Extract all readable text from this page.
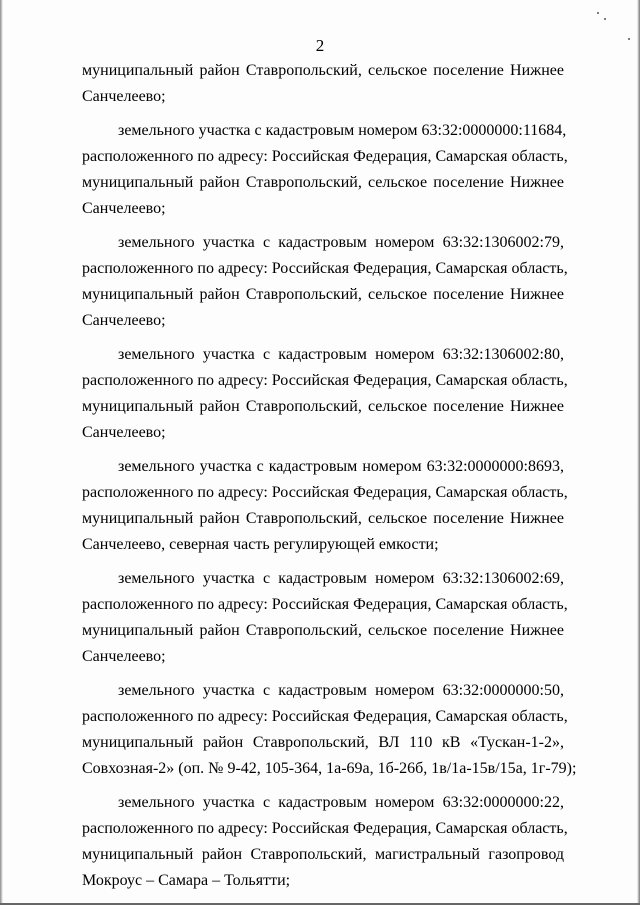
2
муниципальный район Ставропольский, сельское поселение Нижнее
Санчелеево;
земельного участка с кадастровым номером 63:32:0000000:11684,
расположенного по адресу: Российская Федерация, Самарская область,
муниципальный район Ставропольский, сельское поселение Нижнее
Санчелеево;
земельного участка с кадастровым номером 63:32:1306002:79,
расположенного по адресу: Российская Федерация, Самарская область,
муниципальный район Ставропольский, сельское поселение Нижнее
Санчелеево;
земельного участка с кадастровым номером 63:32:1306002:80,
расположенного по адресу: Российская Федерация, Самарская область,
муниципальный район Ставропольский, сельское поселение Нижнее
Санчелеево;
земельного участка с кадастровым номером 63:32:0000000:8693,
расположенного по адресу: Российская Федерация, Самарская область,
муниципальный район Ставропольский, сельское поселение Нижнее
Санчелеево, северная часть регулирующей емкости;
земельного участка с кадастровым номером 63:32:1306002:69,
расположенного по адресу: Российская Федерация, Самарская область,
муниципальный район Ставропольский, сельское поселение Нижнее
Санчелеево;
земельного участка с кадастровым номером 63:32:0000000:50,
расположенного по адресу: Российская Федерация, Самарская область,
муниципальный район Ставропольский, ВЛ 110 кВ «Тускан-1-2»,
Совхозная-2» (оп. № 9-42, 105-364, 1а-69а, 1б-26б, 1в/1а-15в/15а, 1г-79);
земельного участка с кадастровым номером 63:32:0000000:22,
расположенного по адресу: Российская Федерация, Самарская область,
муниципальный район Ставропольский, магистральный газопровод
Мокроус – Самара – Тольятти;
